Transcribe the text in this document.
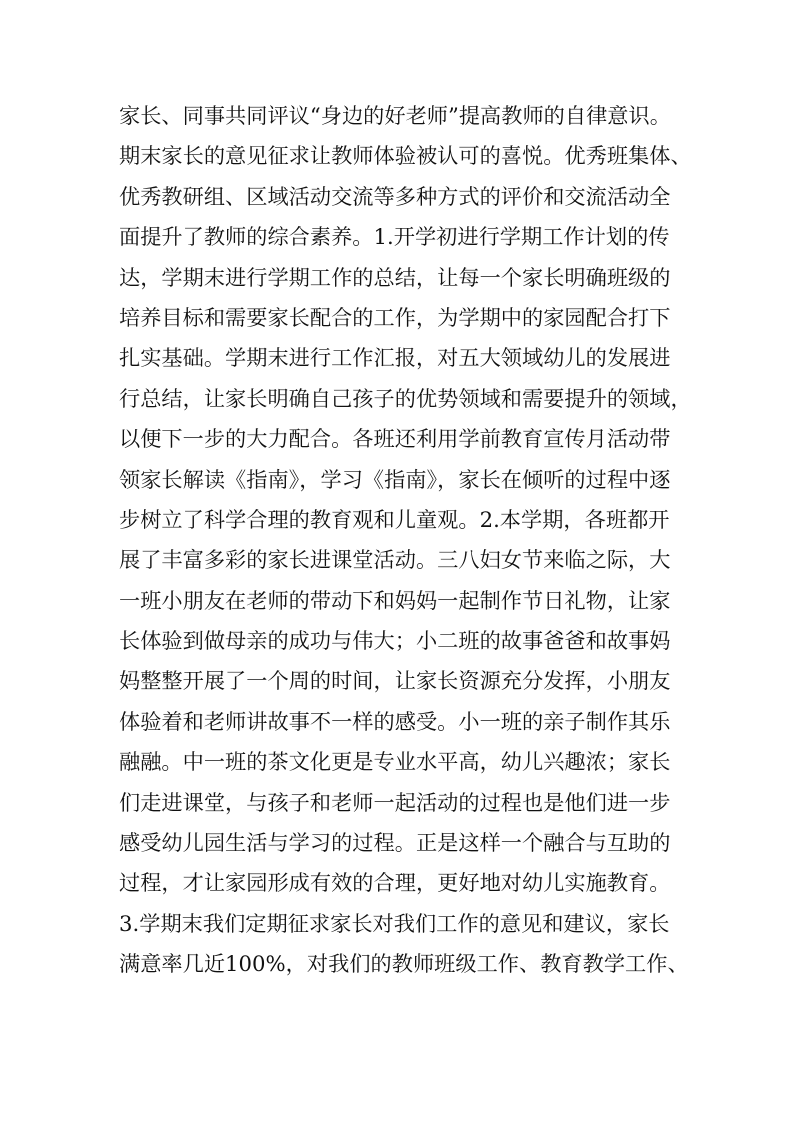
家长、同事共同评议“身边的好老师”提高教师的自律意识。
期末家长的意见征求让教师体验被认可的喜悦。优秀班集体、
优秀教研组、区域活动交流等多种方式的评价和交流活动全
面提升了教师的综合素养。1.开学初进行学期工作计划的传
达，学期末进行学期工作的总结，让每一个家长明确班级的
培养目标和需要家长配合的工作，为学期中的家园配合打下
扎实基础。学期末进行工作汇报，对五大领域幼儿的发展进
行总结，让家长明确自己孩子的优势领域和需要提升的领域，
以便下一步的大力配合。各班还利用学前教育宣传月活动带
领家长解读《指南》，学习《指南》，家长在倾听的过程中逐
步树立了科学合理的教育观和儿童观。2.本学期，各班都开
展了丰富多彩的家长进课堂活动。三八妇女节来临之际，大
一班小朋友在老师的带动下和妈妈一起制作节日礼物，让家
长体验到做母亲的成功与伟大；小二班的故事爸爸和故事妈
妈整整开展了一个周的时间，让家长资源充分发挥，小朋友
体验着和老师讲故事不一样的感受。小一班的亲子制作其乐
融融。中一班的茶文化更是专业水平高，幼儿兴趣浓；家长
们走进课堂，与孩子和老师一起活动的过程也是他们进一步
感受幼儿园生活与学习的过程。正是这样一个融合与互助的
过程，才让家园形成有效的合理，更好地对幼儿实施教育。
3.学期末我们定期征求家长对我们工作的意见和建议，家长
满意率几近100%，对我们的教师班级工作、教育教学工作、
